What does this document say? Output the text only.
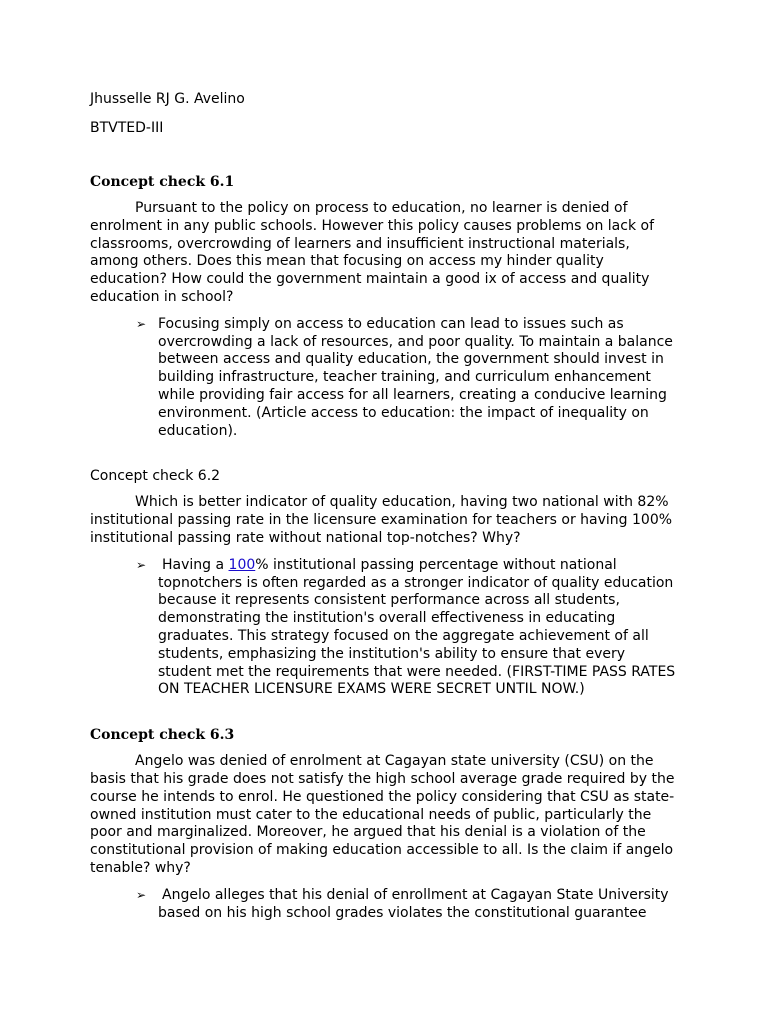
Jhusselle RJ G. Avelino
BTVTED-III
Concept check 6.1
Pursuant to the policy on process to education, no learner is denied of enrolment in any public schools. However this policy causes problems on lack of classrooms, overcrowding of learners and insufficient instructional materials, among others. Does this mean that focusing on access my hinder quality education? How could the government maintain a good ix of access and quality education in school?
➢ Focusing simply on access to education can lead to issues such as overcrowding a lack of resources, and poor quality. To maintain a balance between access and quality education, the government should invest in building infrastructure, teacher training, and curriculum enhancement while providing fair access for all learners, creating a conducive learning environment. (Article access to education: the impact of inequality on education).
Concept check 6.2
Which is better indicator of quality education, having two national with 82% institutional passing rate in the licensure examination for teachers or having 100% institutional passing rate without national top-notches? Why?
➢ Having a 100% institutional passing percentage without national topnotchers is often regarded as a stronger indicator of quality education because it represents consistent performance across all students, demonstrating the institution's overall effectiveness in educating graduates. This strategy focused on the aggregate achievement of all students, emphasizing the institution's ability to ensure that every student met the requirements that were needed. (FIRST-TIME PASS RATES ON TEACHER LICENSURE EXAMS WERE SECRET UNTIL NOW.)
Concept check 6.3
Angelo was denied of enrolment at Cagayan state university (CSU) on the basis that his grade does not satisfy the high school average grade required by the course he intends to enrol. He questioned the policy considering that CSU as state-owned institution must cater to the educational needs of public, particularly the poor and marginalized. Moreover, he argued that his denial is a violation of the constitutional provision of making education accessible to all. Is the claim if angelo tenable? why?
➢ Angelo alleges that his denial of enrollment at Cagayan State University based on his high school grades violates the constitutional guarantee
